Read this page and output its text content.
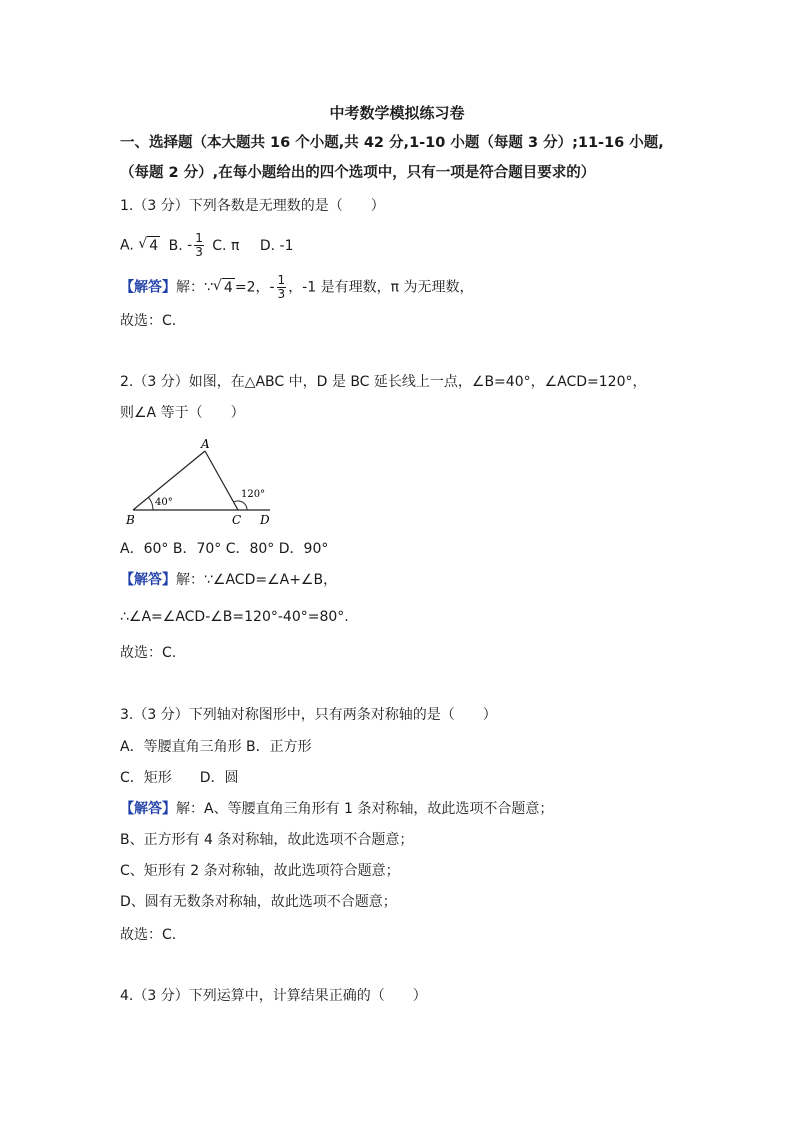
中考数学模拟练习卷
一、选择题（本大题共 16 个小题,共 42 分,1-10 小题（每题 3 分）;11-16 小题,
（每题 2 分）,在每小题给出的四个选项中，只有一项是符合题目要求的）
1.（3 分）下列各数是无理数的是（　　）
A. √ 4 B. - $\frac{1}{3} C$. π D. -1
【解答】解：∵ √ 4 =2，- $\frac{1}{3}$ ，-1 是有理数，π 为无理数，
故选：C.
2.（3 分）如图，在△ABC 中，D 是 BC 延长线上一点，∠B=40°，∠ACD=120°，
则∠A 等于（　　）
A
B	C D
40°
120°
A．60° B．70° C．80° D．90°
【解答】解：∵∠ACD=∠A+∠B，
∴∠A=∠ACD-∠B=120°-40°=80°.
故选：C.
3.（3 分）下列轴对称图形中，只有两条对称轴的是（　　）
A．等腰直角三角形 B．正方形
C．矩形　　D．圆
【解答】解：A、等腰直角三角形有 1 条对称轴，故此选项不合题意；
B、正方形有 4 条对称轴，故此选项不合题意；
C、矩形有 2 条对称轴，故此选项符合题意；
D、圆有无数条对称轴，故此选项不合题意；
故选：C.
4.（3 分）下列运算中，计算结果正确的（　　）
